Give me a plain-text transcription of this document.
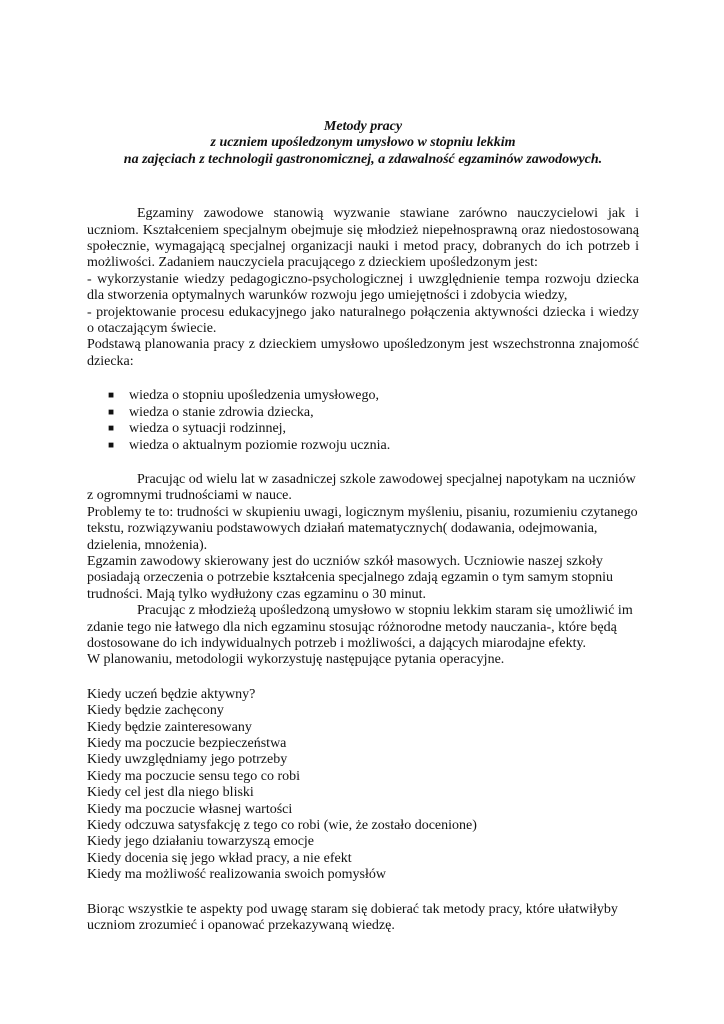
Metody pracy
z uczniem upośledzonym umysłowo w stopniu lekkim
na zajęciach z technologii gastronomicznej, a zdawalność egzaminów zawodowych.

Egzaminy zawodowe stanowią wyzwanie stawiane zarówno nauczycielowi jak i uczniom. Kształceniem specjalnym obejmuje się młodzież niepełnosprawną oraz niedostosowaną społecznie, wymagającą specjalnej organizacji nauki i metod pracy, dobranych do ich potrzeb i możliwości. Zadaniem nauczyciela pracującego z dzieckiem upośledzonym jest:

- wykorzystanie wiedzy pedagogiczno-psychologicznej i uwzględnienie tempa rozwoju dziecka dla stworzenia optymalnych warunków rozwoju jego umiejętności i zdobycia wiedzy,

- projektowanie procesu edukacyjnego jako naturalnego połączenia aktywności dziecka i wiedzy o otaczającym świecie.

Podstawą planowania pracy z dzieckiem umysłowo upośledzonym jest wszechstronna znajomość dziecka:

■ wiedza o stopniu upośledzenia umysłowego,
■ wiedza o stanie zdrowia dziecka,
■ wiedza o sytuacji rodzinnej,
■ wiedza o aktualnym poziomie rozwoju ucznia.

Pracując od wielu lat w zasadniczej szkole zawodowej specjalnej napotykam na uczniów z ogromnymi trudnościami w nauce.

Problemy te to: trudności w skupieniu uwagi, logicznym myśleniu, pisaniu, rozumieniu czytanego tekstu, rozwiązywaniu podstawowych działań matematycznych( dodawania, odejmowania, dzielenia, mnożenia).

Egzamin zawodowy skierowany jest do uczniów szkół masowych. Uczniowie naszej szkoły posiadają orzeczenia o potrzebie kształcenia specjalnego zdają egzamin o tym samym stopniu trudności. Mają tylko wydłużony czas egzaminu o 30 minut.

Pracując z młodzieżą upośledzoną umysłowo w stopniu lekkim staram się umożliwić im zdanie tego nie łatwego dla nich egzaminu stosując różnorodne metody nauczania-, które będą dostosowane do ich indywidualnych potrzeb i możliwości, a dających miarodajne efekty.

W planowaniu, metodologii wykorzystuję następujące pytania operacyjne.

Kiedy uczeń będzie aktywny?

Kiedy będzie zachęcony

Kiedy będzie zainteresowany

Kiedy ma poczucie bezpieczeństwa

Kiedy uwzględniamy jego potrzeby

Kiedy ma poczucie sensu tego co robi

Kiedy cel jest dla niego bliski

Kiedy ma poczucie własnej wartości

Kiedy odczuwa satysfakcję z tego co robi (wie, że zostało docenione)

Kiedy jego działaniu towarzyszą emocje

Kiedy docenia się jego wkład pracy, a nie efekt

Kiedy ma możliwość realizowania swoich pomysłów

Biorąc wszystkie te aspekty pod uwagę staram się dobierać tak metody pracy, które ułatwiłyby uczniom zrozumieć i opanować przekazywaną wiedzę.
